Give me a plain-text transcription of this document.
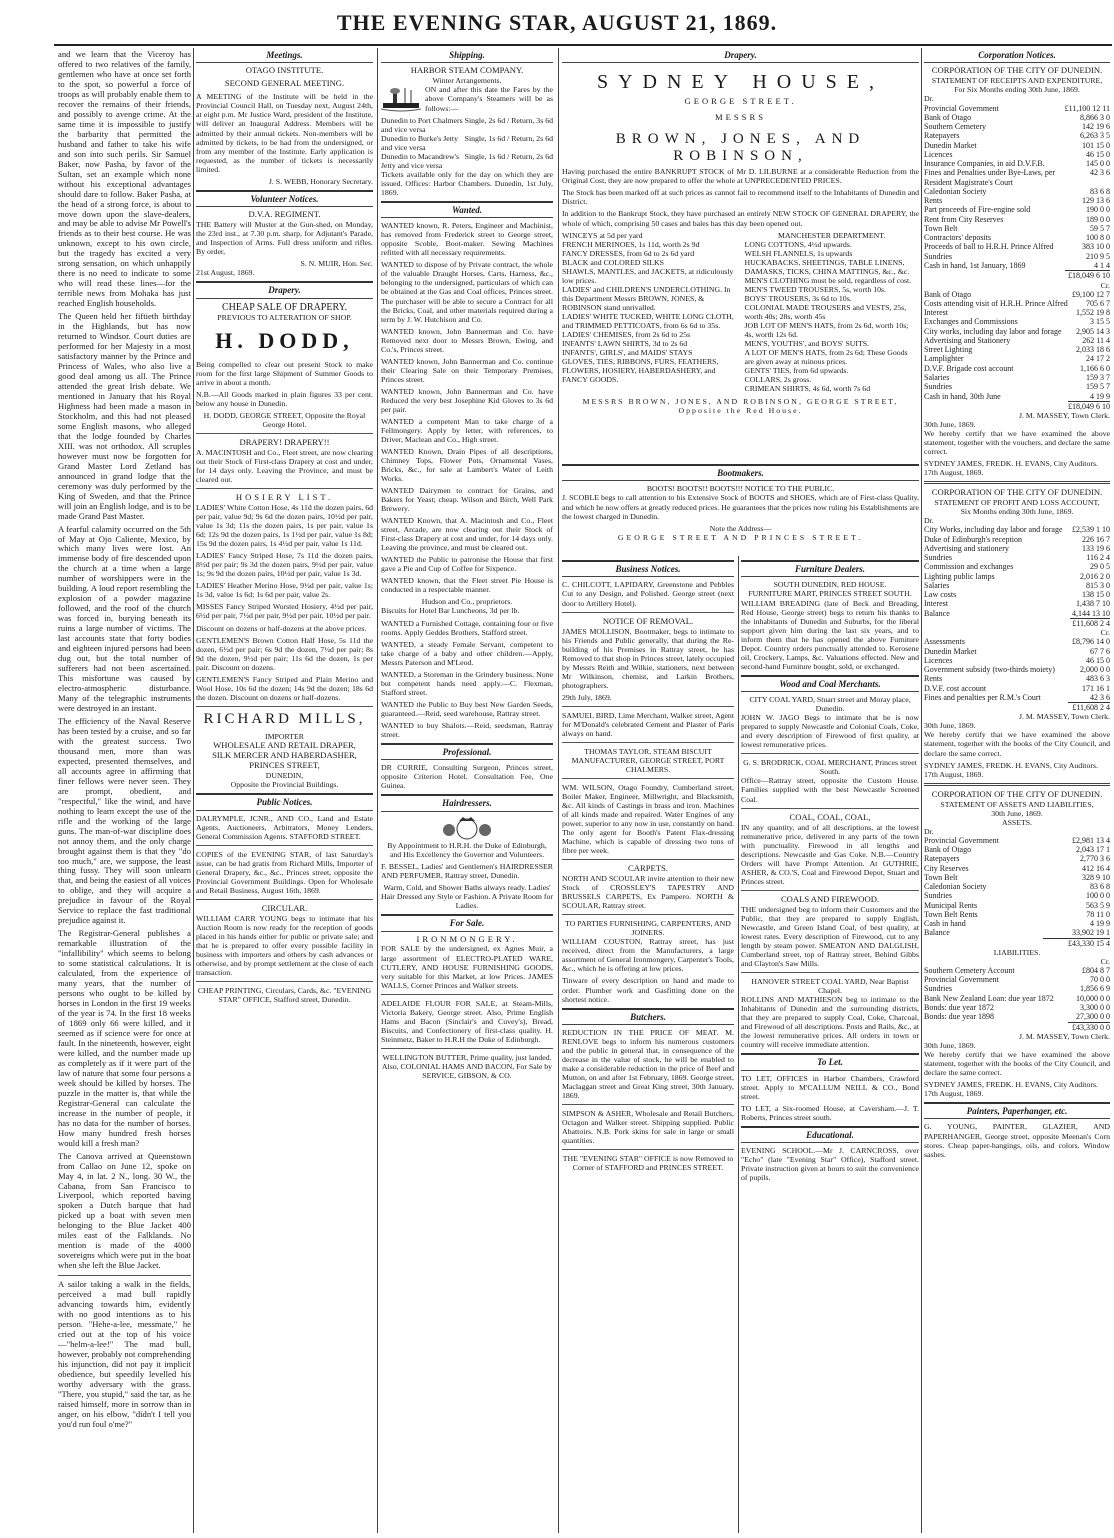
THE EVENING STAR, AUGUST 21, 1869.

and we learn that the Viceroy has offered to two relatives of the family, gentlemen who have at once set forth to the spot, so powerful a force of troops as will probably enable them to recover the remains of their friends, and possibly to avenge crime. At the same time it is impossible to justify the barbarity that permitted the husband and father to take his wife and son into such perils. Sir Samuel Baker, now Pasha, by favor of the Sultan, set an example which none without his exceptional advantages should dare to follow. Baker Pasha, at the head of a strong force, is about to move down upon the slave-dealers, and may be able to advise Mr Powell's friends as to their best course. He was unknown, except to his own circle, but the tragedy has excited a very strong sensation, on which unhappily there is no need to indicate to some who will read these lines—for the terrible news from Mohaka has just reached English households.

The Queen held her fiftieth birthday in the Highlands, but has now returned to Windsor. Court duties are performed for her Majesty in a most satisfactory manner by the Prince and Princess of Wales, who also live a good deal among us all. The Prince attended the great Irish debate. We mentioned in January that his Royal Highness had been made a mason in Stockholm, and this had not pleased some English masons, who alleged that the lodge founded by Charles XIII. was not orthodox. All scruples however must now be forgotten for Grand Master Lord Zetland has announced in grand lodge that the ceremony was duly performed by the King of Sweden, and that the Prince will join an English lodge, and is to be made Grand Past Master.

A fearful calamity occurred on the 5th of May at Ojo Caliente, Mexico, by which many lives were lost. An immense body of fire descended upon the church at a time when a large number of worshippers were in the building. A loud report resembling the explosion of a powder magazine followed, and the roof of the church was forced in, burying beneath its ruins a large number of victims. The last accounts state that forty bodies and eighteen injured persons had been dug out, but the total number of sufferers had not been ascertained. This misfortune was caused by electro-atmospheric disturbance. Many of the telegraphic instruments were destroyed in an instant.

The efficiency of the Naval Reserve has been tested by a cruise, and so far with the greatest success. Two thousand men, more than was expected, presented themselves, and all accounts agree in affirming that finer fellows were never seen. They are prompt, obedient, and "respectful," like the wind, and have nothing to learn except the use of the rifle and the working of the large guns. The man-of-war discipline does not annoy them, and the only charge brought against them is that they "do too much," are, we suppose, the least thing fussy. They will soon unlearn that, and being the easiest of all voices to oblige, and they will acquire a prejudice in favour of the Royal Service to replace the fast traditional prejudice against it.

The Registrar-General publishes a remarkable illustration of the "infallibility" which seems to belong to some statistical calculations. It is calculated, from the experience of many years, that the number of persons who ought to be killed by horses in London in the first 19 weeks of the year is 74. In the first 18 weeks of 1869 only 66 were killed, and it seemed as if science were for once at fault. In the nineteenth, however, eight were killed, and the number made up as completely as if it were part of the law of nature that some four persons a week should be killed by horses. The puzzle in the matter is, that while the Registrar-General can calculate the increase in the number of people, it has no data for the number of horses. How many hundred fresh horses would kill a fresh man?

The Canova arrived at Queenstown from Callao on June 12, spoke on May 4, in lat. 2 N., long. 30 W., the Cabana, from San Francisco to Liverpool, which reported having spoken a Dutch barque that had picked up a boat with seven men belonging to the Blue Jacket 400 miles east of the Falklands. No mention is made of the 4000 sovereigns which were put in the boat when she left the Blue Jacket.

A sailor taking a walk in the fields, perceived a mad bull rapidly advancing towards him, evidently with no good intentions as to his person. "Hehe-a-lee, messmate," he cried out at the top of his voice—"helm-a-lee!" The mad bull, however, probably not comprehending his injunction, did not pay it implicit obedience, but speedily levelled his worthy adversary with the grass. "There, you stupid," said the tar, as he raised himself, more in sorrow than in anger, on his elbow, "didn't I tell you you'd run foul o'me?"

Meetings.
OTAGO INSTITUTE.
SECOND GENERAL MEETING.

A MEETING of the Institute will be held in the Provincial Council Hall, on Tuesday next, August 24th, at eight p.m. Mr Justice Ward, president of the Institute, will deliver an Inaugural Address. Members will be admitted by their annual tickets. Non-members will be admitted by tickets, to be had from the undersigned, or from any member of the Institute. Early application is requested, as the number of tickets is necessarily limited.

J. S. WEBB, Honorary Secretary.
Volunteer Notices.
D.V.A. REGIMENT.

THE Battery will Muster at the Gun-shed, on Monday, the 23rd inst., at 7.30 p.m. sharp, for Adjutant's Parade, and Inspection of Arms. Full dress uniform and rifles. By order,

S. N. MUIR, Hon. Sec.
21st August, 1869.
Drapery.
CHEAP SALE OF DRAPERY.
PREVIOUS TO ALTERATION OF SHOP.
H. DODD,

Being compelled to clear out present Stock to make room for the first large Shipment of Summer Goods to arrive in about a month.

N.B.—All Goods marked in plain figures 33 per cent. below any house in Dunedin.

H. DODD, GEORGE STREET, Opposite the Royal George Hotel.
DRAPERY! DRAPERY!!

A. MACINTOSH and Co., Fleet street, are now clearing out their Stock of First-class Drapery at cost and under, for 14 days only. Leaving the Province, and must be cleared out.

HOSIERY LIST.

LADIES' White Cotton Hose, 4s 11d the dozen pairs, 6d per pair, value 9d; 9s 6d the dozen pairs, 10½d per pair, value 1s 3d; 11s the dozen pairs, 1s per pair, value 1s 6d; 12s 9d the dozen pairs, 1s 1½d per pair, value 1s 8d; 15s 9d the dozen pairs, 1s 4½d per pair, value 1s 11d.

LADIES' Fancy Striped Hose, 7s 11d the dozen pairs, 8½d per pair; 9s 3d the dozen pairs, 9½d per pair, value 1s; 9s 9d the dozen pairs, 10½d per pair, value 1s 3d.

LADIES' Heather Merino Hose, 9½d per pair, value 1s; 1s 3d, value 1s 6d; 1s 6d per pair, value 2s.

MISSES Fancy Striped Worsted Hosiery, 4½d per pair, 6½d per pair, 7½d per pair, 9½d per pair, 10½d per pair.

Discount on dozens or half-dozens at the above prices.

GENTLEMEN'S Brown Cotton Half Hose, 5s 11d the dozen, 6½d per pair; 6s 9d the dozen, 7½d per pair; 8s 9d the dozen, 9½d per pair; 11s 6d the dozen, 1s per pair. Discount on dozens.

GENTLEMEN'S Fancy Striped and Plain Merino and Wool Hose, 10s 6d the dozen; 14s 9d the dozen; 18s 6d the dozen. Discount on dozens or half-dozens.

RICHARD MILLS,
IMPORTER
WHOLESALE AND RETAIL DRAPER,
SILK MERCER AND HABERDASHER,
PRINCES STREET,
DUNEDIN,
Opposite the Provincial Buildings.
Public Notices.

DALRYMPLE, JCNR., AND CO., Land and Estate Agents, Auctioneers, Arbitrators, Money Lenders, General Commission Agents. STAFFORD STREET.

COPIES of the EVENING STAR, of last Saturday's issue, can be had gratis from Richard Mills, Importer of General Drapery, &c., &c., Princes street, opposite the Provincial Government Buildings. Open for Wholesale and Retail Business, August 16th, 1869.

CIRCULAR.

WILLIAM CARR YOUNG begs to intimate that his Auction Room is now ready for the reception of goods placed in his hands either for public or private sale; and that he is prepared to offer every possible facility in business with importers and others by cash advances or otherwise, and by prompt settlement at the close of each transaction.

CHEAP PRINTING, Circulars, Cards, &c. "EVENING STAR" OFFICE, Stafford street, Dunedin.

Shipping.
HARBOR STEAM COMPANY.
Winter Arrangements.

ON and after this date the Fares by the above Company's Steamers will be as follows:—

Dunedin to Port Chalmers and vice versa	Single, 2s 6d / Return, 3s 6d
Dunedin to Burke's Jetty and vice versa	Single, 1s 6d / Return, 2s 6d
Dunedin to Macandrew's Jetty and vice versa	Single, 1s 6d / Return, 2s 6d

Tickets available only for the day on which they are issued. Offices: Harbor Chambers. Dunedin, 1st July, 1869.

Wanted.

WANTED known, R. Peters, Engineer and Machinist, has removed from Frederick street to George street, opposite Scoble, Boot-maker. Sewing Machines refitted with all necessary requirements.

WANTED to dispose of by Private contract, the whole of the valuable Draught Horses, Carts, Harness, &c., belonging to the undersigned, particulars of which can be obtained at the Gas and Coal offices, Princes street. The purchaser will be able to secure a Contract for all the Bricks, Coal, and other materials required during a term by J. W. Hutchison and Co.

WANTED known, John Bannerman and Co. have Removed next door to Messrs Brown, Ewing, and Co.'s, Princes street.

WANTED known, John Bannerman and Co. continue their Clearing Sale on their Temporary Premises, Princes street.

WANTED known, John Bannerman and Co. have Reduced the very best Josephine Kid Gloves to 3s 6d per pair.

WANTED a competent Man to take charge of a Fellmongery. Apply by letter, with references, to Driver, Maclean and Co., High street.

WANTED Known, Drain Pipes of all descriptions, Chimney Tops, Flower Pots, Ornamental Vases, Bricks, &c., for sale at Lambert's Water of Leith Works.

WANTED Dairymen to contract for Grains, and Bakers for Yeast; cheap. Wilson and Birch, Well Park Brewery.

WANTED Known, that A. Macintosh and Co., Fleet street, Arcade, are now clearing out their Stock of First-class Drapery at cost and under, for 14 days only. Leaving the province, and must be cleared out.

WANTED the Public to patronise the House that first gave a Pie and Cup of Coffee for Sixpence.

WANTED known, that the Fleet street Pie House is conducted in a respectable manner.

Hudson and Co., proprietors.

Biscuits for Hotel Bar Luncheons, 3d per lb.

WANTED a Furnished Cottage, containing four or five rooms. Apply Geddes Brothers, Stafford street.

WANTED, a steady Female Servant, competent to take charge of a baby and other children.—Apply, Messrs Paterson and M'Leod.

WANTED, a Storeman in the Grindery business. None but competent hands need apply.—C. Flexman, Stafford street.

WANTED the Public to Buy best New Garden Seeds, guaranteed.—Reid, seed warehouse, Rattray street.

WANTED to buy Shalots.—Reid, seedsman, Rattray street.

Professional.

DR CURRIE, Consulting Surgeon, Princes street, opposite Criterion Hotel. Consultation Fee, One Guinea.

Hairdressers.

By Appointment to H.R.H. the Duke of Edinburgh, and His Excellency the Governor and Volunteers.

F. BESSEL, Ladies' and Gentlemen's HAIRDRESSER AND PERFUMER, Rattray street, Dunedin.

Warm, Cold, and Shower Baths always ready. Ladies' Hair Dressed any Style or Fashion. A Private Room for Ladies.

For Sale.
IRONMONGERY.

FOR SALE by the undersigned, ex Agnes Muir, a large assortment of ELECTRO-PLATED WARE, CUTLERY, AND HOUSE FURNISHING GOODS, very suitable for this Market, at low Prices. JAMES WALLS, Corner Princes and Walker streets.

ADELAIDE FLOUR FOR SALE, at Steam-Mills, Victoria Bakery, George street. Also, Prime English Hams and Bacon (Sinclair's and Cuvey's), Bread, Biscuits, and Confectionery of first-class quality. H. Steinmetz, Baker to H.R.H the Duke of Edinburgh.

WELLINGTON BUTTER, Prime quality, just landed. Also, COLONIAL HAMS AND BACON, For Sale by SERVICE, GIBSON, & CO.

Drapery.
SYDNEY HOUSE,
GEORGE STREET.
MESSRS
BROWN, JONES, AND ROBINSON,

Having purchased the entire BANKRUPT STOCK of Mr D. LILBURNE at a considerable Reduction from the Original Cost, they are now prepared to offer the whole at UNPRECEDENTED PRICES.

The Stock has been marked off at such prices as cannot fail to recommend itself to the Inhabitants of Dunedin and District.

In addition to the Bankrupt Stock, they have purchased an entirely NEW STOCK OF GENERAL DRAPERY, the whole of which, comprising 50 cases and bales has this day been opened out.

WINCEYS at 5d per yard
FRENCH MERINOES, 1s 11d, worth 2s 9d
FANCY DRESSES, from 6d to 2s 6d yard
BLACK and COLORED SILKS
SHAWLS, MANTLES, and JACKETS, at ridiculously low prices.
LADIES' and CHILDREN'S UNDERCLOTHING. In this Department Messrs BROWN, JONES, & ROBINSON stand unrivalled.
LADIES' WHITE TUCKED, WHITE LONG CLOTH, and TRIMMED PETTICOATS, from 6s 6d to 35s.
LADIES' CHEMISES, from 2s 6d to 25s
INFANTS' LAWN SHIRTS, 3d to 2s 6d
INFANTS', GIRLS', and MAIDS' STAYS
GLOVES, TIES, RIBBONS, FURS, FEATHERS, FLOWERS, HOSIERY, HABERDASHERY, and FANCY GOODS.
MANCHESTER DEPARTMENT.
LONG COTTONS, 4½d upwards.
WELSH FLANNELS, 1s upwards
HUCKABACKS, SHEETINGS, TABLE LINENS, DAMASKS, TICKS, CHINA MATTINGS, &c., &c.
MEN'S CLOTHING must be sold, regardless of cost.
MEN'S TWEED TROUSERS, 5s, worth 10s.
BOYS' TROUSERS, 3s 6d to 10s.
COLONIAL MADE TROUSERS and VESTS, 25s, worth 40s; 28s, worth 45s
JOB LOT OF MEN'S HATS, from 2s 6d, worth 10s; 4s, worth 12s 6d.
MEN'S, YOUTHS', and BOYS' SUITS.
A LOT OF MEN'S HATS, from 2s 6d; These Goods are given away at ruinous prices.
GENTS' TIES, from 6d upwards.
COLLARS, 2s gross.
CRIMEAN SHIRTS, 4s 6d, worth 7s 6d
MESSRS BROWN, JONES, AND ROBINSON, GEORGE STREET, Opposite the Red House.
Bootmakers.
BOOTS! BOOTS!! BOOTS!!! NOTICE TO THE PUBLIC.

J. SCOBLE begs to call attention to his Extensive Stock of BOOTS and SHOES, which are of First-class Quality, and which he now offers at greatly reduced prices. He guarantees that the prices now ruling his Establishments are the lowest charged in Dunedin.

Note the Address—
GEORGE STREET AND PRINCES STREET.
Business Notices.

C. CHILCOTT, LAPIDARY, Greenstone and Pebbles Cut to any Design, and Polished. George street (next door to Artillery Hotel).

NOTICE OF REMOVAL.

JAMES MOLLISON, Bootmaker, begs to intimate to his Friends and Public generally, that during the Re-building of his Premises in Rattray street, he has Removed to that shop in Princes street, lately occupied by Messrs Reith and Wilkie, stationers, next between Mr Wilkinson, chemist, and Larkin Brothers, photographers.

29th July, 1869.

SAMUEL BIRD, Lime Merchant, Walker street, Agent for M'Donald's celebrated Cement and Plaster of Paris always on hand.

THOMAS TAYLOR, STEAM BISCUIT MANUFACTURER, GEORGE STREET, PORT CHALMERS.

WM. WILSON, Otago Foundry, Cumberland street, Boiler Maker, Engineer, Millwright, and Blacksmith, &c. All kinds of Castings in brass and iron. Machines of all kinds made and repaired. Water Engines of any power, superior to any now in use, constantly on hand. The only agent for Booth's Patent Flax-dressing Machine, which is capable of dressing two tons of fibre per week.

CARPETS.

NORTH AND SCOULAR invite attention to their new Stock of CROSSLEY'S TAPESTRY AND BRUSSELS CARPETS, Ex Pampero. NORTH & SCOULAR, Rattray street.

TO PARTIES FURNISHING, CARPENTERS, AND JOINERS.

WILLIAM COUSTON, Rattray street, has just received, direct from the Manufacturers, a large assortment of General Ironmongery, Carpenter's Tools, &c., which he is offering at low prices.

Tinware of every description on hand and made to order. Plumber work and Gasfitting done on the shortest notice.

Butchers.

REDUCTION IN THE PRICE OF MEAT. M. RENLOVE begs to inform his numerous customers and the public in general that, in consequence of the decrease in the value of stock, he will be enabled to make a considerable reduction in the price of Beef and Mutton, on and after 1st February, 1869. George street, Maclaggan street and Great King street, 30th January, 1869.

SIMPSON & ASHER, Wholesale and Retail Butchers, Octagon and Walker street. Shipping supplied. Public Abattoirs. N.B. Pork skins for sale in large or small quantities.

THE "EVENING STAR" OFFICE is now Removed to Corner of STAFFORD and PRINCES STREET.

Furniture Dealers.
SOUTH DUNEDIN, RED HOUSE.
FURNITURE MART, PRINCES STREET SOUTH.

WILLIAM BREADING (late of Beck and Breading, Red House, George street) begs to return his thanks to the inhabitants of Dunedin and Suburbs, for the liberal support given him during the last six years, and to inform them that he has opened the above Furniture Depot. Country orders punctually attended to. Kerosene oil, Crockery, Lamps, &c. Valuations effected. New and second-hand Furniture bought, sold, or exchanged.

Wood and Coal Merchants.
CITY COAL YARD, Stuart street and Moray place, Dunedin.

JOHN W. JAGO Begs to intimate that he is now prepared to supply Newcastle and Colonial Coals, Coke, and every description of Firewood of first quality, at lowest remunerative prices.

G. S. BRODRICK, COAL MERCHANT, Princes street South.

Office—Rattray street, opposite the Custom House. Families supplied with the best Newcastle Screened Coal.

COAL, COAL, COAL,

IN any quantity, and of all descriptions, at the lowest remunerative price, delivered in any parts of the town with punctuality. Firewood in all lengths and descriptions. Newcastle and Gas Coke. N.B.—Country Orders will have Prompt Attention. At GUTHRIE, ASHER, & CO.'S, Coal and Firewood Depot, Stuart and Princes street.

COALS AND FIREWOOD.

THE undersigned beg to inform their Customers and the Public, that they are prepared to supply English, Newcastle, and Green Island Coal, of best quality, at lowest rates. Every description of Firewood, cut to any length by steam power. SMEATON AND DALGLISH, Cumberland street, top of Rattray street, Behind Gibbs and Clayton's Saw Mills.

HANOVER STREET COAL YARD, Near Baptist Chapel.

ROLLINS AND MATHIESON beg to intimate to the Inhabitants of Dunedin and the surrounding districts, that they are prepared to supply Coal, Coke, Charcoal, and Firewood of all descriptions. Posts and Rails, &c., at the lowest remunerative prices. All orders in town or country will receive immediate attention.

To Let.

TO LET, OFFICES in Harbor Chambers, Crawford street. Apply to M'CALLUM NEILL & CO., Bond street.

TO LET, a Six-roomed House, at Caversham.—J. T. Roberts, Princes street south.

Educational.

EVENING SCHOOL.—Mr J. CARNCROSS, over "Echo" (late "Evening Star" Office), Stafford street. Private instruction given at hours to suit the convenience of pupils.

Corporation Notices.
CORPORATION OF THE CITY OF DUNEDIN.
STATEMENT OF RECEIPTS AND EXPENDITURE,
For Six Months ending 30th June, 1869.
Dr.
Provincial Government	£11,100 12 11
Bank of Otago	8,866 3 0
Southern Cemetery	142 19 6
Ratepayers	6,263 3 5
Dunedin Market	101 15 0
Licences	46 15 0
Insurance Companies, in aid D.V.F.B.	145 0 0
Fines and Penalties under Bye-Laws, per Resident Magistrate's Court	42 3 6
Caledonian Society	83 6 8
Rents	129 13 6
Part proceeds of Fire-engine sold	190 0 0
Rent from City Reserves	189 0 0
Town Belt	59 5 7
Contractors' deposits	100 8 0
Proceeds of ball to H.R.H. Prince Alfred	383 10 0
Sundries	210 9 5
Cash in hand, 1st January, 1869	4 1 4
	£18,049 6 10
Cr.
Bank of Otago	£9,100 12 7
Costs attending visit of H.R.H. Prince Alfred	705 6 7
Interest	1,552 19 8
Exchanges and Commissions	3 15 5
City works, including day labor and forage	2,905 14 3
Advertising and Stationery	262 11 4
Street Lighting	2,033 18 6
Lamplighter	24 17 2
D.V.F. Brigade cost account	1,166 6 0
Salaries	159 3 7
Sundries	159 5 7
Cash in hand, 30th June	4 19 9
	£18,049 6 10
J. M. MASSEY, Town Clerk.
30th June, 1869.

We hereby certify that we have examined the above statement, together with the vouchers, and declare the same correct.

SYDNEY JAMES, FREDK. H. EVANS, City Auditors.
17th August, 1869.
CORPORATION OF THE CITY OF DUNEDIN.
STATEMENT OF PROFIT AND LOSS ACCOUNT,
Six Months ending 30th June, 1869.
Dr.
City Works, including day labor and forage	£2,539 1 10
Duke of Edinburgh's reception	226 16 7
Advertising and stationery	133 19 6
Sundries	116 2 4
Commission and exchanges	29 0 5
Lighting public lamps	2,016 2 0
Salaries	815 3 0
Law costs	138 15 0
Interest	1,438 7 10
Balance	4,144 13 10
	£11,608 2 4
Cr.
Assessments	£8,796 14 0
Dunedin Market	67 7 6
Licences	46 15 0
Government subsidy (two-thirds moiety)	2,000 0 0
Rents	483 6 3
D.V.F. cost account	171 16 1
Fines and penalties per R.M.'s Court	42 3 6
	£11,608 2 4
J. M. MASSEY, Town Clerk.
30th June, 1869.

We hereby certify that we have examined the above statement, together with the books of the City Council, and declare the same correct.

SYDNEY JAMES, FREDK. H. EVANS, City Auditors.
17th August, 1869.
CORPORATION OF THE CITY OF DUNEDIN.
STATEMENT OF ASSETS AND LIABILITIES,
30th June, 1869.
ASSETS.
Dr.
Provincial Government	£2,981 13 4
Bank of Otago	2,043 17 1
Ratepayers	2,770 3 6
City Reserves	412 16 4
Town Belt	328 9 10
Caledonian Society	83 6 8
Sundries	100 0 0
Municipal Rents	563 5 9
Town Belt Rents	78 11 0
Cash in hand	4 19 9
Balance	33,902 19 1
	£43,330 15 4
LIABILITIES.
Cr.
Southern Cemetery Account	£804 8 7
Provincial Government	70 0 0
Sundries	1,856 6 9
Bank New Zealand Loan: due year 1872	10,000 0 0
Bonds: due year 1872	3,300 0 0
Bonds: due year 1898	27,300 0 0
	£43,330 0 0
J. M. MASSEY, Town Clerk.
30th June, 1869.

We hereby certify that we have examined the above statement, together with the books of the City Council, and declare the same correct.

SYDNEY JAMES, FREDK. H. EVANS, City Auditors.
17th August, 1869.
Painters, Paperhanger, etc.

G. YOUNG, PAINTER, GLAZIER, AND PAPERHANGER, George street, opposite Meenan's Corn stores. Cheap paper-hangings, oils, and colors. Window sashes.
